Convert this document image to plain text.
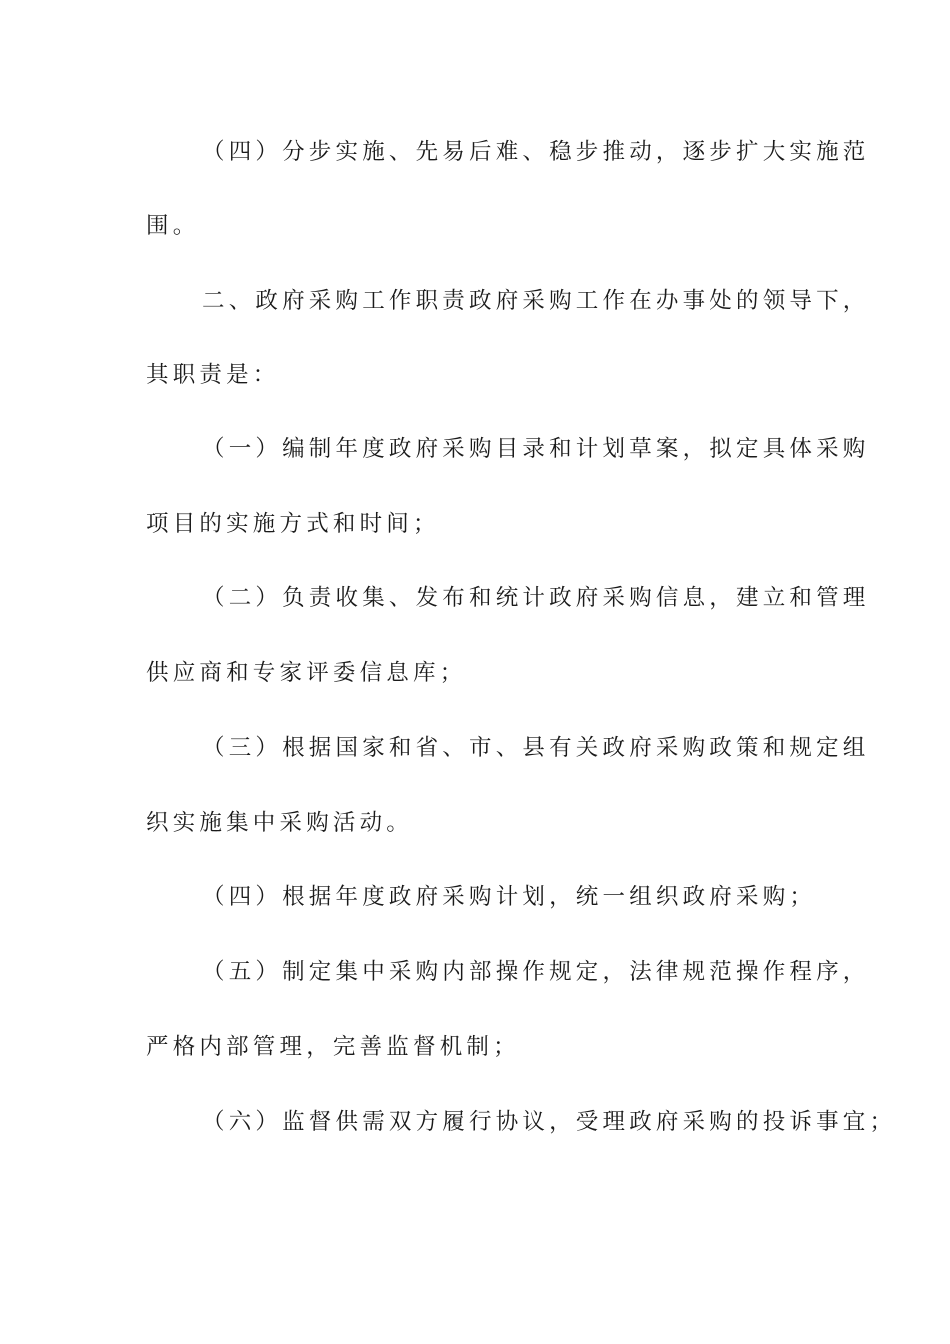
（四）分步实施、先易后难、稳步推动，逐步扩大实施范
围。
二、政府采购工作职责政府采购工作在办事处的领导下，
其职责是：
（一）编制年度政府采购目录和计划草案，拟定具体采购
项目的实施方式和时间；
（二）负责收集、发布和统计政府采购信息，建立和管理
供应商和专家评委信息库；
（三）根据国家和省、市、县有关政府采购政策和规定组
织实施集中采购活动。
（四）根据年度政府采购计划，统一组织政府采购；
（五）制定集中采购内部操作规定，法律规范操作程序，
严格内部管理，完善监督机制；
（六）监督供需双方履行协议，受理政府采购的投诉事宜；
